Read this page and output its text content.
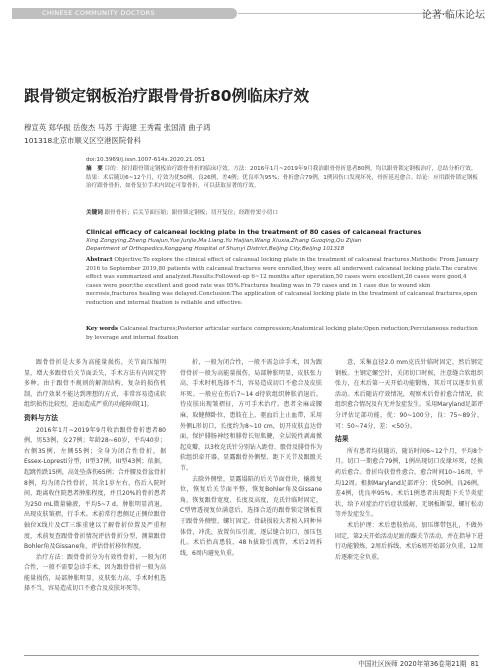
CHINESE COMMUNITY DOCTORS	论著·临床论坛
跟骨锁定钢板治疗跟骨骨折80例临床疗效
穆宣英 郑华振 岳俊杰 马苏 于海建 王秀霞 张国清 曲子鸿
101318北京市顺义区空港医院骨科
doi:10.3969/j.issn.1007-614x.2020.21.051
摘　要 目的：探讨跟骨锁定钢板治疗跟骨骨折的临床疗效。方法：2016年1月~2019年9月我治跟骨骨折患者80例，均以跟骨锁定钢板治疗，总结分析疗效。结果：术后随访6~12个月，疗效为优50例，良26例，差4例；优良率为95%；骨折愈合79例，1例因伤口发现坏死，骨折延迟愈合。结论：应用跟骨锁定钢板治疗跟骨骨折，如骨复位手术内固定可靠骨折，可以获取显著的疗效。
关键词 跟骨骨折；后关节面压缩；跟骨锁定钢板；切开复位；经跗骨窦小切口
Clinical efficacy of calcaneal locking plate in the treatment of 80 cases of calcaneal fractures
Xing Zongying,Zheng Huajun,Yue Junjie,Ma Liang,Yu Haijian,Wang Xiuxia,Zhang Guoqing,Qu Zijian
Department of Orthopedics,Konggang Hospital of Shunyi District,Beijing City,Beijing 101318
Abstract Objective:To explore the clinical effect of calcaneal locking plate in the treatment of calcaneal fractures.Methods: From January 2016 to September 2019,80 patients with calcaneal fractures were enrolled,they were all underwent calcaneal locking plate.The curative effect was summarized and analyzed.Results:Followed-up 6~12 months after operation,50 cases were excellent,26 cases were good,4 cases were poor;the excellent and good rate was 95%.Fractures healing was in 79 cases and in 1 case due to wound skin necrosis,fractures healing was delayed.Conclusion:The application of calcaneal locking plate in the treatment of calcaneal fractures,open reduction and internal fixation is reliable and effective.
Key words Calcaneal fractures;Posterior articular surface compression;Anatomical locking plate;Open reduction;Percutaneous reduction by leverage and internal fixation

跟骨骨折是大多为高能量损伤，关节面压缩明显，增大多跟骨后关节面丢失，手术方法有内固定特多种，由于跟骨不规则的解剖结构，复杂的损伤机制，治疗效果不能达到理想的方式，非常容易造成软组织损伤比较烈，进而造成严重的功能障碍[1]。

资料与方法

2016年1月~2019年9月收治跟骨骨折患者80例，男53例，女27例；年龄28~60岁，平均40岁；右侧35例，左侧55例；全身为闭合性骨折，据Essex-Lopresti分型，II型37例，III型43例；依据，起跳性跌15例，高处坠落伤65例；合并腰及骨盆骨折8例，均为闭合性骨折，其余1岁左右，伤后入院时间，距离收住院患者肿胀程度，并且20%的骨折患者为250 mL微量输液，平均5~7 d。肿胀明显消退，出现皮肤皱褶，行手术。术前常行患侧足正侧位跟骨轴位X线片及CT三维重建以了解骨折位置及严重程度，术前复查跟骨骨折情况评估骨折分型，测量跟骨Bohler角及Gissane角，评估骨折移位程度。

治疗方法：跟骨骨折分为有效性骨折，一般为闭合性，一般不需要急诊手术，因为跟骨骨折一般为高能量损伤，局部肿胀明显，皮肤张力高，手术时机选择不当，容易造成切口不愈合及皮肤坏死等。

折，一般为闭合性，一般不需急诊手术，因为跟骨骨折一般为高能量损伤，局部肿胀明显，皮肤张力高，手术时机选择不当，容易造成切口不愈合及皮肤坏死。一般应在伤后7~14 d待软组织肿胀消退后，待皮肤出现皱褶征，方可手术治疗。患者全麻或腰麻，取健侧卧位，患肢在上，驱血后上止血带，采用外侧L形切口，长度约为8~10 cm，切开皮肤直达骨面，保护腓肠神经和腓骨长短肌腱，全层锐性剥离掀起皮瓣，以3枚克氏针分别钻入距骨、骰骨及腓骨作为软组织牵开器，显露跟骨外侧壁、距下关节及跟骰关节。

去除外侧壁，显露塌陷的后关节面骨块，撬拨复位，恢复后关节面平整，恢复Bohler角及Gissane角，恢复跟骨宽度、长度及高度，克氏针临时固定，C型臂透视复位满意后，选择合适的跟骨锁定钢板置于跟骨外侧壁，螺钉固定。骨缺损较大者植入同种异体骨，冲洗，放置负压引流，逐层缝合切口，加压包扎。术后抬高患肢，48 h拔除引流管，术后2周拆线，6周内避免负重。

意，采集直径2.0 mm克氏针临时固定，然后钢定钢板。主钢定螺空针，关闭切口时候，注意缝合软组织张力，在术后第一天开始功能锻炼，其后可以逐步负重活动。术后随访疗效情况，观察术后骨折愈合情况，软组织愈合情况及有无并发症发生。采用Maryland足部评分评估足部功能，优：90~100分，良：75~89分，可：50~74分，差：<50分。

结果

所有患者均获随访，随访时间6~12个月，平均8个月。切口一期愈合79例，1例出现切口皮缘坏死，经换药后愈合。骨折均获骨性愈合，愈合时间10~16周，平均12周。根据Maryland足部评分：优50例，良26例，差4例，优良率95%。术后1例患者出现距下关节炎症状，给予对症治疗后症状缓解，无钢板断裂、螺钉松动等并发症发生。

术后护理：术后患肢抬高，加压绑带包扎，不做外固定，第2天开始活动足趾的踝关节活动，并在指导下进行功能锻炼，2周后拆线，术后6周开始部分负重，12周后逐渐完全负重。

中国社区医师 2020年第36卷第21期 81
